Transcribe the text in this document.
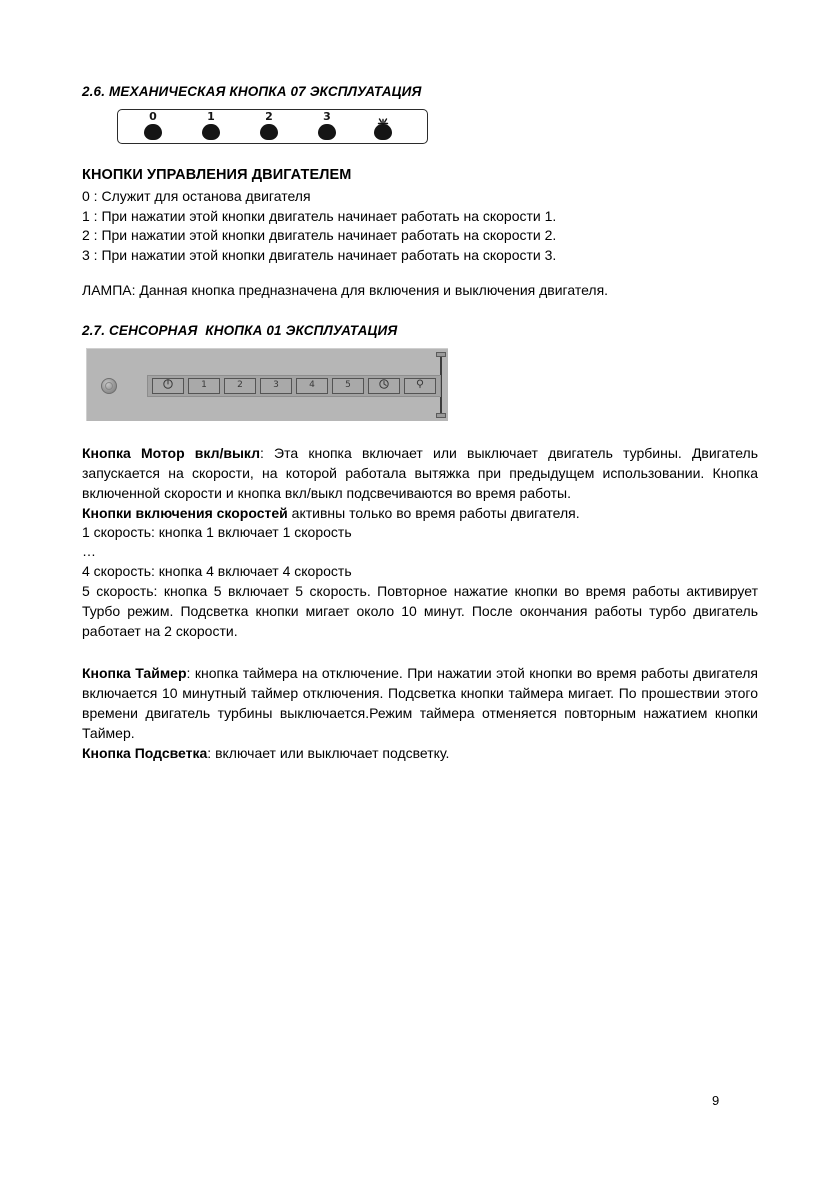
2.6. МЕХАНИЧЕСКАЯ КНОПКА 07 ЭКСПЛУАТАЦИЯ
0	1	2	3
КНОПКИ УПРАВЛЕНИЯ ДВИГАТЕЛЕМ

0 : Служит для останова двигателя

1 : При нажатии этой кнопки двигатель начинает работать на скорости 1.

2 : При нажатии этой кнопки двигатель начинает работать на скорости 2.

3 : При нажатии этой кнопки двигатель начинает работать на скорости 3.

ЛАМПА: Данная кнопка предназначена для включения и выключения двигателя.

2.7. СЕНСОРНАЯ  КНОПКА 01 ЭКСПЛУАТАЦИЯ
1	2	3	4	5

Кнопка Мотор вкл/выкл: Эта кнопка включает или выключает двигатель турбины. Двигатель запускается на скорости, на которой работала вытяжка при предыдущем использовании. Кнопка включенной скорости и кнопка вкл/выкл подсвечиваются во время работы.

Кнопки включения скоростей активны только во время работы двигателя.

1 скорость: кнопка 1 включает 1 скорость

…

4 скорость: кнопка 4 включает 4 скорость

5 скорость: кнопка 5 включает 5 скорость. Повторное нажатие кнопки во время работы активирует Турбо режим. Подсветка кнопки мигает около 10 минут. После окончания работы турбо двигатель работает на 2 скорости.

Кнопка Таймер: кнопка таймера на отключение. При нажатии этой кнопки во время работы двигателя включается 10 минутный таймер отключения. Подсветка кнопки таймера мигает. По прошествии этого времени двигатель турбины выключается.Режим таймера отменяется повторным нажатием кнопки Таймер.

Кнопка Подсветка: включает или выключает подсветку.

9
